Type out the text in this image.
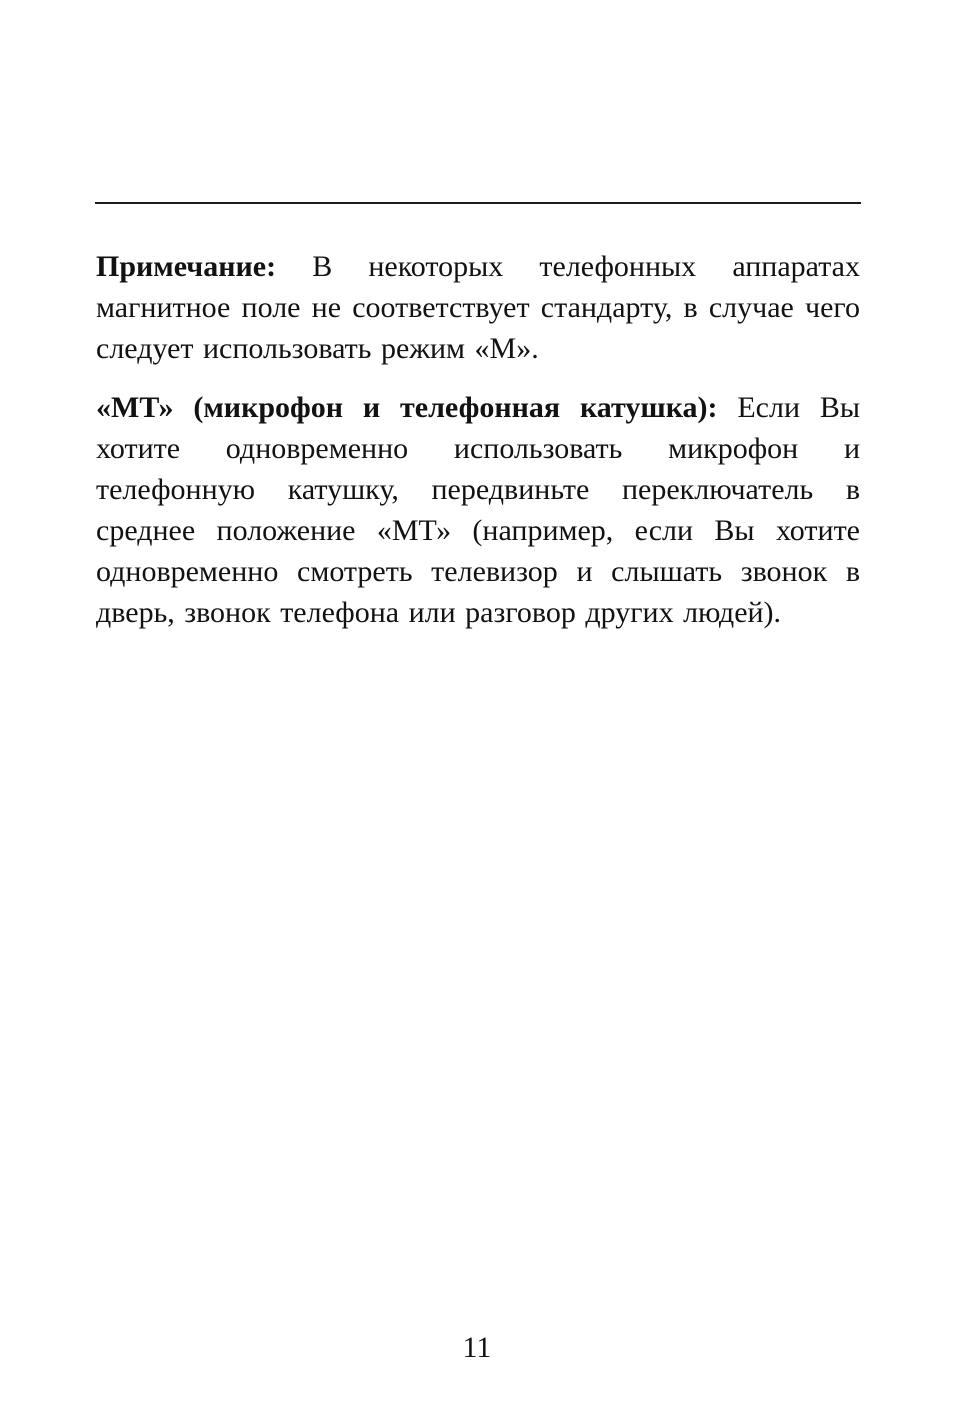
Примечание: В некоторых телефонных аппаратах магнитное поле не соответствует стандарту, в случае чего следует использовать режим «М».

«МТ» (микрофон и телефонная катушка): Если Вы хотите одновременно использовать микрофон и телефонную катушку, передвиньте переключатель в среднее положение «МТ» (например, если Вы хотите одновременно смотреть телевизор и слышать звонок в дверь, звонок телефона или разговор других людей).

11
